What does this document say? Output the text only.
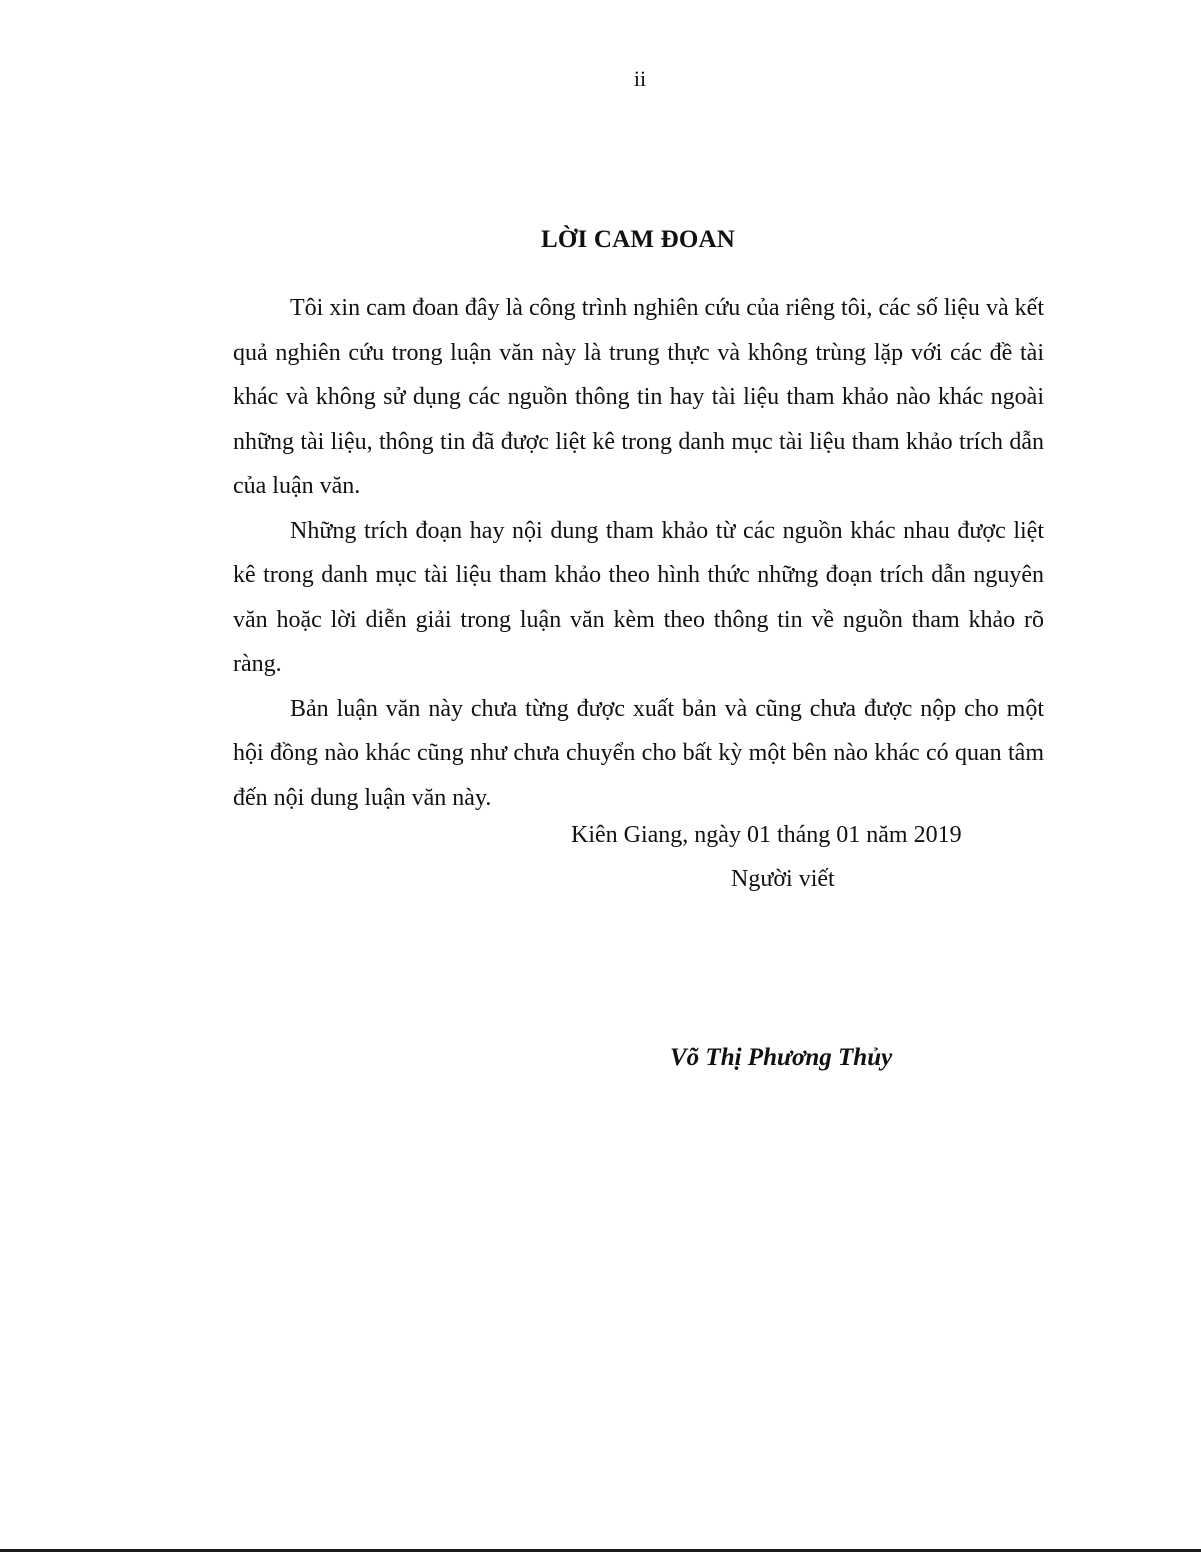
ii
LỜI CAM ĐOAN

Tôi xin cam đoan đây là công trình nghiên cứu của riêng tôi, các số liệu và kết quả nghiên cứu trong luận văn này là trung thực và không trùng lặp với các đề tài khác và không sử dụng các nguồn thông tin hay tài liệu tham khảo nào khác ngoài những tài liệu, thông tin đã được liệt kê trong danh mục tài liệu tham khảo trích dẫn của luận văn.

Những trích đoạn hay nội dung tham khảo từ các nguồn khác nhau được liệt kê trong danh mục tài liệu tham khảo theo hình thức những đoạn trích dẫn nguyên văn hoặc lời diễn giải trong luận văn kèm theo thông tin về nguồn tham khảo rõ ràng.

Bản luận văn này chưa từng được xuất bản và cũng chưa được nộp cho một hội đồng nào khác cũng như chưa chuyển cho bất kỳ một bên nào khác có quan tâm đến nội dung luận văn này.

Kiên Giang, ngày 01 tháng 01 năm 2019
Người viết
Võ Thị Phương Thủy
